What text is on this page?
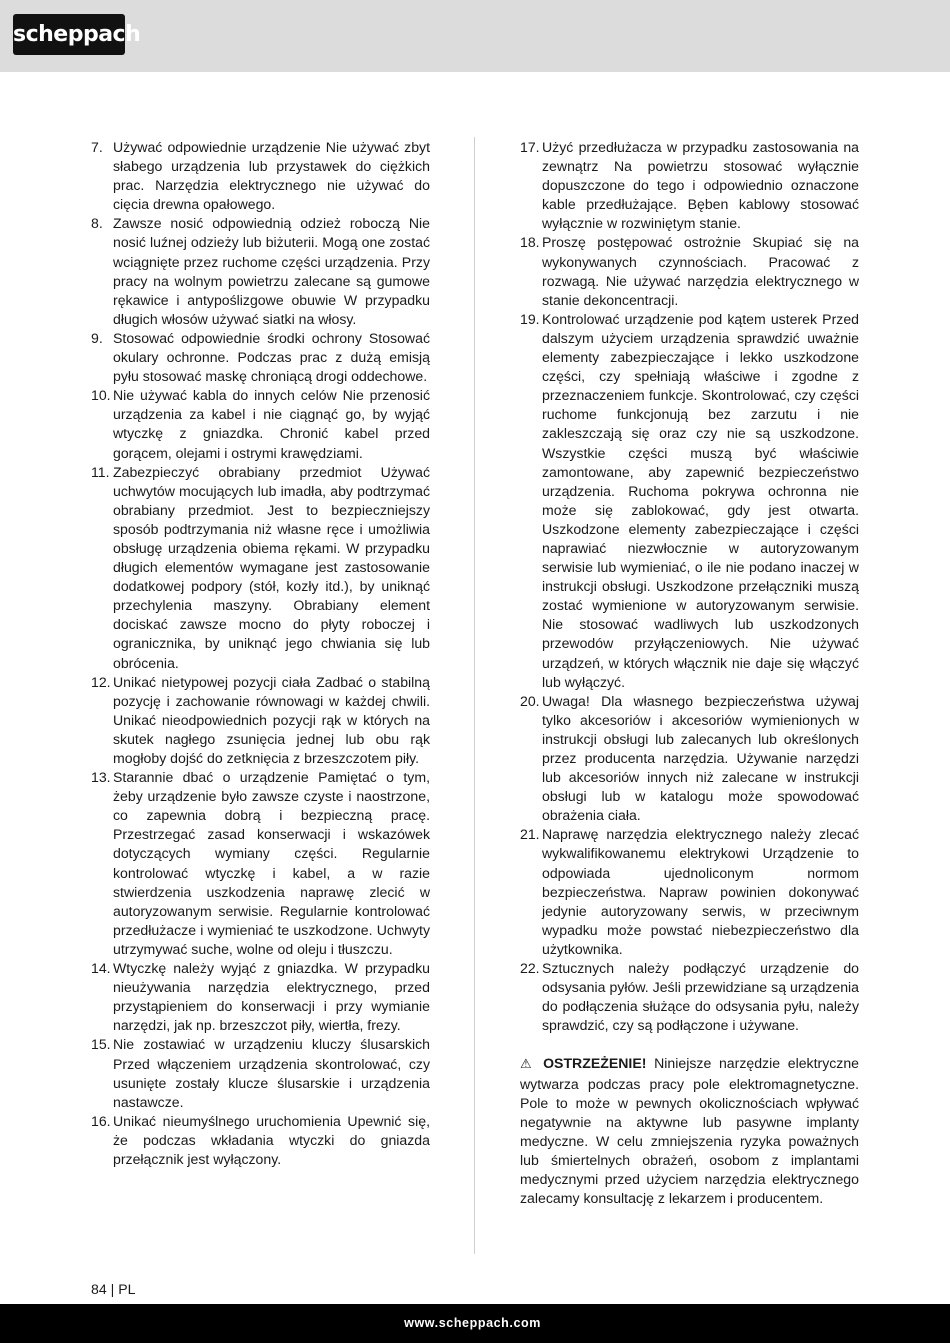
scheppach
7. Używać odpowiednie urządzenie Nie używać zbyt słabego urządzenia lub przystawek do ciężkich prac. Narzędzia elektrycznego nie używać do cięcia drewna opałowego.
8. Zawsze nosić odpowiednią odzież roboczą Nie nosić luźnej odzieży lub biżuterii. Mogą one zostać wciągnięte przez ruchome części urządzenia. Przy pracy na wolnym powietrzu zalecane są gumowe rękawice i antypoślizgowe obuwie W przypadku długich włosów używać siatki na włosy.
9. Stosować odpowiednie środki ochrony Stosować okulary ochronne. Podczas prac z dużą emisją pyłu stosować maskę chroniącą drogi oddechowe.
10. Nie używać kabla do innych celów Nie przenosić urządzenia za kabel i nie ciągnąć go, by wyjąć wtyczkę z gniazdka. Chronić kabel przed gorącem, olejami i ostrymi krawędziami.
11. Zabezpieczyć obrabiany przedmiot Używać uchwytów mocujących lub imadła, aby podtrzymać obrabiany przedmiot. Jest to bezpieczniejszy sposób podtrzymania niż własne ręce i umożliwia obsługę urządzenia obiema rękami. W przypadku długich elementów wymagane jest zastosowanie dodatkowej podpory (stół, kozły itd.), by uniknąć przechylenia maszyny. Obrabiany element dociskać zawsze mocno do płyty roboczej i ogranicznika, by uniknąć jego chwiania się lub obrócenia.
12. Unikać nietypowej pozycji ciała Zadbać o stabilną pozycję i zachowanie równowagi w każdej chwili. Unikać nieodpowiednich pozycji rąk w których na skutek nagłego zsunięcia jednej lub obu rąk mogłoby dojść do zetknięcia z brzeszczotem piły.
13. Starannie dbać o urządzenie Pamiętać o tym, żeby urządzenie było zawsze czyste i naostrzone, co zapewnia dobrą i bezpieczną pracę. Przestrzegać zasad konserwacji i wskazówek dotyczących wymiany części. Regularnie kontrolować wtyczkę i kabel, a w razie stwierdzenia uszkodzenia naprawę zlecić w autoryzowanym serwisie. Regularnie kontrolować przedłużacze i wymieniać te uszkodzone. Uchwyty utrzymywać suche, wolne od oleju i tłuszczu.
14. Wtyczkę należy wyjąć z gniazdka. W przypadku nieużywania narzędzia elektrycznego, przed przystąpieniem do konserwacji i przy wymianie narzędzi, jak np. brzeszczot piły, wiertła, frezy.
15. Nie zostawiać w urządzeniu kluczy ślusarskich Przed włączeniem urządzenia skontrolować, czy usunięte zostały klucze ślusarskie i urządzenia nastawcze.
16. Unikać nieumyślnego uruchomienia Upewnić się, że podczas wkładania wtyczki do gniazda przełącznik jest wyłączony.
17. Użyć przedłużacza w przypadku zastosowania na zewnątrz Na powietrzu stosować wyłącznie dopuszczone do tego i odpowiednio oznaczone kable przedłużające. Bęben kablowy stosować wyłącznie w rozwiniętym stanie.
18. Proszę postępować ostrożnie Skupiać się na wykonywanych czynnościach. Pracować z rozwagą. Nie używać narzędzia elektrycznego w stanie dekoncentracji.
19. Kontrolować urządzenie pod kątem usterek Przed dalszym użyciem urządzenia sprawdzić uważnie elementy zabezpieczające i lekko uszkodzone części, czy spełniają właściwe i zgodne z przeznaczeniem funkcje. Skontrolować, czy części ruchome funkcjonują bez zarzutu i nie zakleszczają się oraz czy nie są uszkodzone. Wszystkie części muszą być właściwie zamontowane, aby zapewnić bezpieczeństwo urządzenia. Ruchoma pokrywa ochronna nie może się zablokować, gdy jest otwarta. Uszkodzone elementy zabezpieczające i części naprawiać niezwłocznie w autoryzowanym serwisie lub wymieniać, o ile nie podano inaczej w instrukcji obsługi. Uszkodzone przełączniki muszą zostać wymienione w autoryzowanym serwisie. Nie stosować wadliwych lub uszkodzonych przewodów przyłączeniowych. Nie używać urządzeń, w których włącznik nie daje się włączyć lub wyłączyć.
20. Uwaga! Dla własnego bezpieczeństwa używaj tylko akcesoriów i akcesoriów wymienionych w instrukcji obsługi lub zalecanych lub określonych przez producenta narzędzia. Używanie narzędzi lub akcesoriów innych niż zalecane w instrukcji obsługi lub w katalogu może spowodować obrażenia ciała.
21. Naprawę narzędzia elektrycznego należy zlecać wykwalifikowanemu elektrykowi Urządzenie to odpowiada ujednoliconym normom bezpieczeństwa. Napraw powinien dokonywać jedynie autoryzowany serwis, w przeciwnym wypadku może powstać niebezpieczeństwo dla użytkownika.
22. Sztucznych należy podłączyć urządzenie do odsysania pyłów. Jeśli przewidziane są urządzenia do podłączenia służące do odsysania pyłu, należy sprawdzić, czy są podłączone i używane.

⚠ OSTRZEŻENIE! Niniejsze narzędzie elektryczne wytwarza podczas pracy pole elektromagnetyczne. Pole to może w pewnych okolicznościach wpływać negatywnie na aktywne lub pasywne implanty medyczne. W celu zmniejszenia ryzyka poważnych lub śmiertelnych obrażeń, osobom z implantami medycznymi przed użyciem narzędzia elektrycznego zalecamy konsultację z lekarzem i producentem.

84 | PL
www.scheppach.com
